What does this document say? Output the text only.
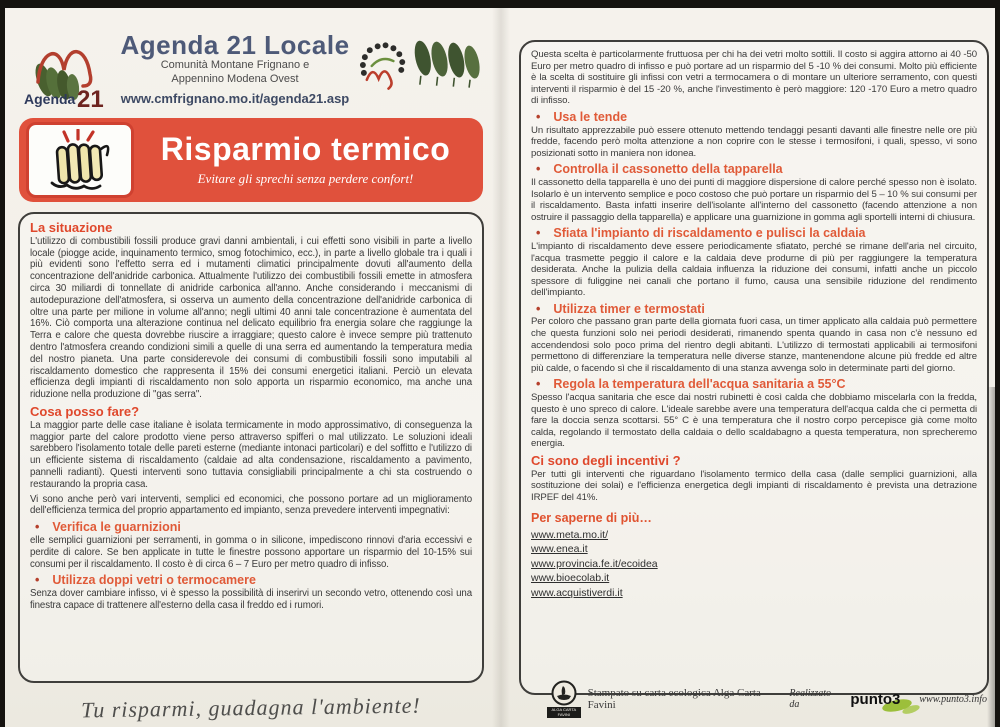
Agenda 21
Agenda 21 Locale
Comunità Montane Frignano e
Appennino Modena Ovest
www.cmfrignano.mo.it/agenda21.asp
Risparmio termico
Evitare gli sprechi senza perdere confort!
La situazione

L'utilizzo di combustibili fossili produce gravi danni ambientali, i cui effetti sono visibili in parte a livello locale (piogge acide, inquinamento termico, smog fotochimico, ecc.), in parte a livello globale tra i quali i più evidenti sono l'effetto serra ed i mutamenti climatici principalmente dovuti all'aumento della concentrazione dell'anidride carbonica. Attualmente l'utilizzo dei combustibili fossili emette in atmosfera circa 30 miliardi di tonnellate di anidride carbonica all'anno. Anche considerando i meccanismi di autodepurazione dell'atmosfera, si osserva un aumento della concentrazione dell'anidride carbonica di oltre una parte per milione in volume all'anno; negli ultimi 40 anni tale concentrazione è aumentata del 16%. Ciò comporta una alterazione continua nel delicato equilibrio fra energia solare che raggiunge la Terra e calore che questa dovrebbe riuscire a irraggiare; questo calore è invece sempre più trattenuto dentro l'atmosfera creando condizioni simili a quelle di una serra ed aumentando la temperatura media del nostro pianeta. Una parte considerevole dei consumi di combustibili fossili sono imputabili al riscaldamento domestico che rappresenta il 15% dei consumi energetici italiani. Perciò un elevata efficienza degli impianti di riscaldamento non solo apporta un risparmio economico, ma anche una riduzione nella produzione di "gas serra".

Cosa posso fare?

La maggior parte delle case italiane è isolata termicamente in modo approssimativo, di conseguenza la maggior parte del calore prodotto viene perso attraverso spifferi o mal utilizzato. Le soluzioni ideali sarebbero l'isolamento totale delle pareti esterne (mediante intonaci particolari) e del soffitto e l'utilizzo di un efficiente sistema di riscaldamento (caldaie ad alta condensazione, riscaldamento a pavimento, pannelli radianti). Questi interventi sono tuttavia consigliabili principalmente a chi sta costruendo o restaurando la propria casa.

Vi sono anche però vari interventi, semplici ed economici, che possono portare ad un miglioramento dell'efficienza termica del proprio appartamento ed impianto, senza prevedere interventi impegnativi:

• Verifica le guarnizioni

elle semplici guarnizioni per serramenti, in gomma o in silicone, impediscono rinnovi d'aria eccessivi e perdite di calore. Se ben applicate in tutte le finestre possono apportare un risparmio del 10-15% sui consumi per il riscaldamento. Il costo è di circa 6 – 7 Euro per metro quadro di infisso.

• Utilizza doppi vetri o termocamere

Senza dover cambiare infisso, vi è spesso la possibilità di inserirvi un secondo vetro, ottenendo così una finestra capace di trattenere all'esterno della casa il freddo ed i rumori.

Tu risparmi, guadagna l'ambiente!

Questa scelta è particolarmente fruttuosa per chi ha dei vetri molto sottili. Il costo si aggira attorno ai 40 -50 Euro per metro quadro di infisso e può portare ad un risparmio del 5 -10 % dei consumi. Molto più efficiente è la scelta di sostituire gli infissi con vetri a termocamera o di montare un ulteriore serramento, con questi interventi il risparmio è del 15 -20 %, anche l'investimento è però maggiore: 120 -170 Euro a metro quadro di infisso.

• Usa le tende

Un risultato apprezzabile può essere ottenuto mettendo tendaggi pesanti davanti alle finestre nelle ore più fredde, facendo però molta attenzione a non coprire con le stesse i termosifoni, i quali, spesso, vi sono posizionati sotto in maniera non idonea.

• Controlla il cassonetto della tapparella

Il cassonetto della tapparella è uno dei punti di maggiore dispersione di calore perché spesso non è isolato. Isolarlo è un intervento semplice e poco costoso che può portare un risparmio del 5 – 10 % sui consumi per il riscaldamento. Basta infatti inserire dell'isolante all'interno del cassonetto (facendo attenzione a non ostruire il passaggio della tapparella) e applicare una guarnizione in gomma agli sportelli interni di chiusura.

• Sfiata l'impianto di riscaldamento e pulisci la caldaia

L'impianto di riscaldamento deve essere periodicamente sfiatato, perché se rimane dell'aria nel circuito, l'acqua trasmette peggio il calore e la caldaia deve produrne di più per raggiungere la temperatura desiderata. Anche la pulizia della caldaia influenza la riduzione dei consumi, infatti anche un piccolo spessore di fuliggine nei canali che portano il fumo, causa una sensibile riduzione del rendimento dell'impianto.

• Utilizza timer e termostati

Per coloro che passano gran parte della giornata fuori casa, un timer applicato alla caldaia può permettere che questa funzioni solo nei periodi desiderati, rimanendo spenta quando in casa non c'è nessuno ed accendendosi solo poco prima del rientro degli abitanti. L'utilizzo di termostati applicabili ai termosifoni permettono di differenziare la temperatura nelle diverse stanze, mantenendone alcune più fredde ed altre più calde, o facendo sì che il riscaldamento di una stanza avvenga solo in determinate parti del giorno.

• Regola la temperatura dell'acqua sanitaria a 55°C

Spesso l'acqua sanitaria che esce dai nostri rubinetti è così calda che dobbiamo miscelarla con la fredda, questo è uno spreco di calore. L'ideale sarebbe avere una temperatura dell'acqua calda che ci permetta di fare la doccia senza scottarsi. 55° C è una temperatura che il nostro corpo percepisce già come molto calda, regolando il termostato della caldaia o dello scaldabagno a questa temperatura, non sprecheremo energia.

Ci sono degli incentivi ?

Per tutti gli interventi che riguardano l'isolamento termico della casa (dalle semplici guarnizioni, alla sostituzione dei solai) e l'efficienza energetica degli impianti di riscaldamento è prevista una detrazione IRPEF del 41%.

Per saperne di più…
www.meta.mo.it/
www.enea.it
www.provincia.fe.it/ecoidea
www.bioecolab.it
www.acquistiverdi.it
ALGA CARTA FAVINI
Stampato su carta ecologica Alga Carta Favini
Realizzato da	punto3	www.punto3.info
